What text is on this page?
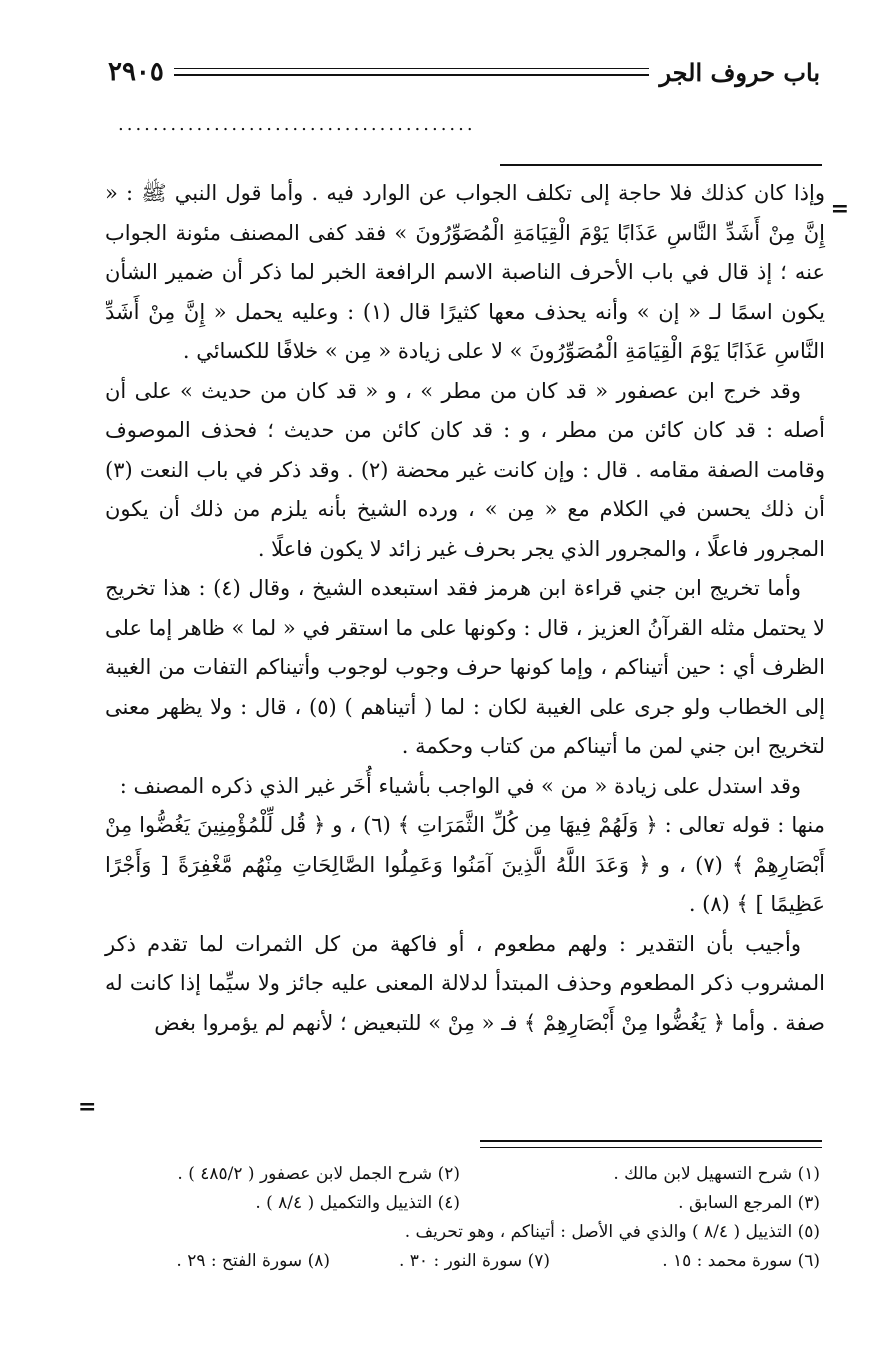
باب حروف الجر
٢٩٠٥
.........................................
=

وإذا كان كذلك فلا حاجة إلى تكلف الجواب عن الوارد فيه . وأما قول النبي ﷺ : « إِنَّ مِنْ أَشَدِّ النَّاسِ عَذَابًا يَوْمَ الْقِيَامَةِ الْمُصَوِّرُونَ » فقد كفى المصنف مئونة الجواب عنه ؛ إذ قال في باب الأحرف الناصبة الاسم الرافعة الخبر لما ذكر أن ضمير الشأن يكون اسمًا لـ « إن » وأنه يحذف معها كثيرًا قال (١) : وعليه يحمل « إِنَّ مِنْ أَشَدِّ النَّاسِ عَذَابًا يَوْمَ الْقِيَامَةِ الْمُصَوِّرُونَ » لا على زيادة « مِن » خلافًا للكسائي .

وقد خرج ابن عصفور « قد كان من مطر » ، و « قد كان من حديث » على أن أصله : قد كان كائن من مطر ، و : قد كان كائن من حديث ؛ فحذف الموصوف وقامت الصفة مقامه . قال : وإن كانت غير محضة (٢) . وقد ذكر في باب النعت (٣) أن ذلك يحسن في الكلام مع « مِن » ، ورده الشيخ بأنه يلزم من ذلك أن يكون المجرور فاعلًا ، والمجرور الذي يجر بحرف غير زائد لا يكون فاعلًا .

وأما تخريج ابن جني قراءة ابن هرمز فقد استبعده الشيخ ، وقال (٤) : هذا تخريج لا يحتمل مثله القرآنُ العزيز ، قال : وكونها على ما استقر في « لما » ظاهر إما على الظرف أي : حين أتيناكم ، وإما كونها حرف وجوب لوجوب وأتيناكم التفات من الغيبة إلى الخطاب ولو جرى على الغيبة لكان : لما ( أتيناهم ) (٥) ، قال : ولا يظهر معنى لتخريج ابن جني لمن ما أتيناكم من كتاب وحكمة .

وقد استدل على زيادة « من » في الواجب بأشياء أُخَر غير الذي ذكره المصنف :

منها : قوله تعالى : ﴿ وَلَهُمْ فِيهَا مِن كُلِّ الثَّمَرَاتِ ﴾ (٦) ، و ﴿ قُل لِّلْمُؤْمِنِينَ يَغُضُّوا مِنْ أَبْصَارِهِمْ ﴾ (٧) ، و ﴿ وَعَدَ اللَّهُ الَّذِينَ آمَنُوا وَعَمِلُوا الصَّالِحَاتِ مِنْهُم مَّغْفِرَةً [ وَأَجْرًا عَظِيمًا ] ﴾ (٨) .

وأجيب بأن التقدير : ولهم مطعوم ، أو فاكهة من كل الثمرات لما تقدم ذكر المشروب ذكر المطعوم وحذف المبتدأ لدلالة المعنى عليه جائز ولا سيِّما إذا كانت له صفة . وأما ﴿ يَغُضُّوا مِنْ أَبْصَارِهِمْ ﴾ فـ « مِنْ » للتبعيض ؛ لأنهم لم يؤمروا بغض

=
(١) شرح التسهيل لابن مالك .
(٢) شرح الجمل لابن عصفور ( ٤٨٥/٢ ) .
(٣) المرجع السابق .
(٤) التذييل والتكميل ( ٨/٤ ) .
(٥) التذييل ( ٨/٤ ) والذي في الأصل : أتيناكم ، وهو تحريف .
(٦) سورة محمد : ١٥ .
(٧) سورة النور : ٣٠ .
(٨) سورة الفتح : ٢٩ .
